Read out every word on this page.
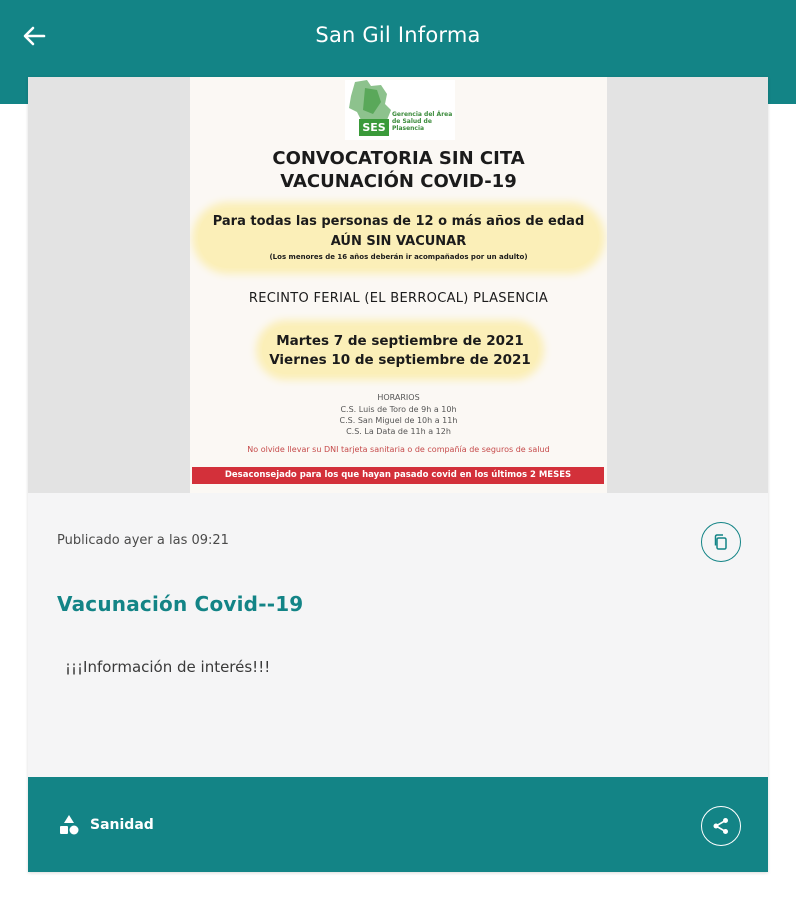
San Gil Informa
SES
Gerencia del Área de Salud de Plasencia
CONVOCATORIA SIN CITA
VACUNACIÓN COVID-19
Para todas las personas de 12 o más años de edad
AÚN SIN VACUNAR
(Los menores de 16 años deberán ir acompañados por un adulto)
RECINTO FERIAL (EL BERROCAL) PLASENCIA
Martes 7 de septiembre de 2021
Viernes 10 de septiembre de 2021
HORARIOS
C.S. Luis de Toro de 9h a 10h
C.S. San Miguel de 10h a 11h
C.S. La Data de 11h a 12h
No olvide llevar su DNI tarjeta sanitaria o de compañía de seguros de salud
Desaconsejado para los que hayan pasado covid en los últimos 2 MESES
Publicado ayer a las 09:21
Vacunación Covid--19
¡¡¡Información de interés!!!
Sanidad
